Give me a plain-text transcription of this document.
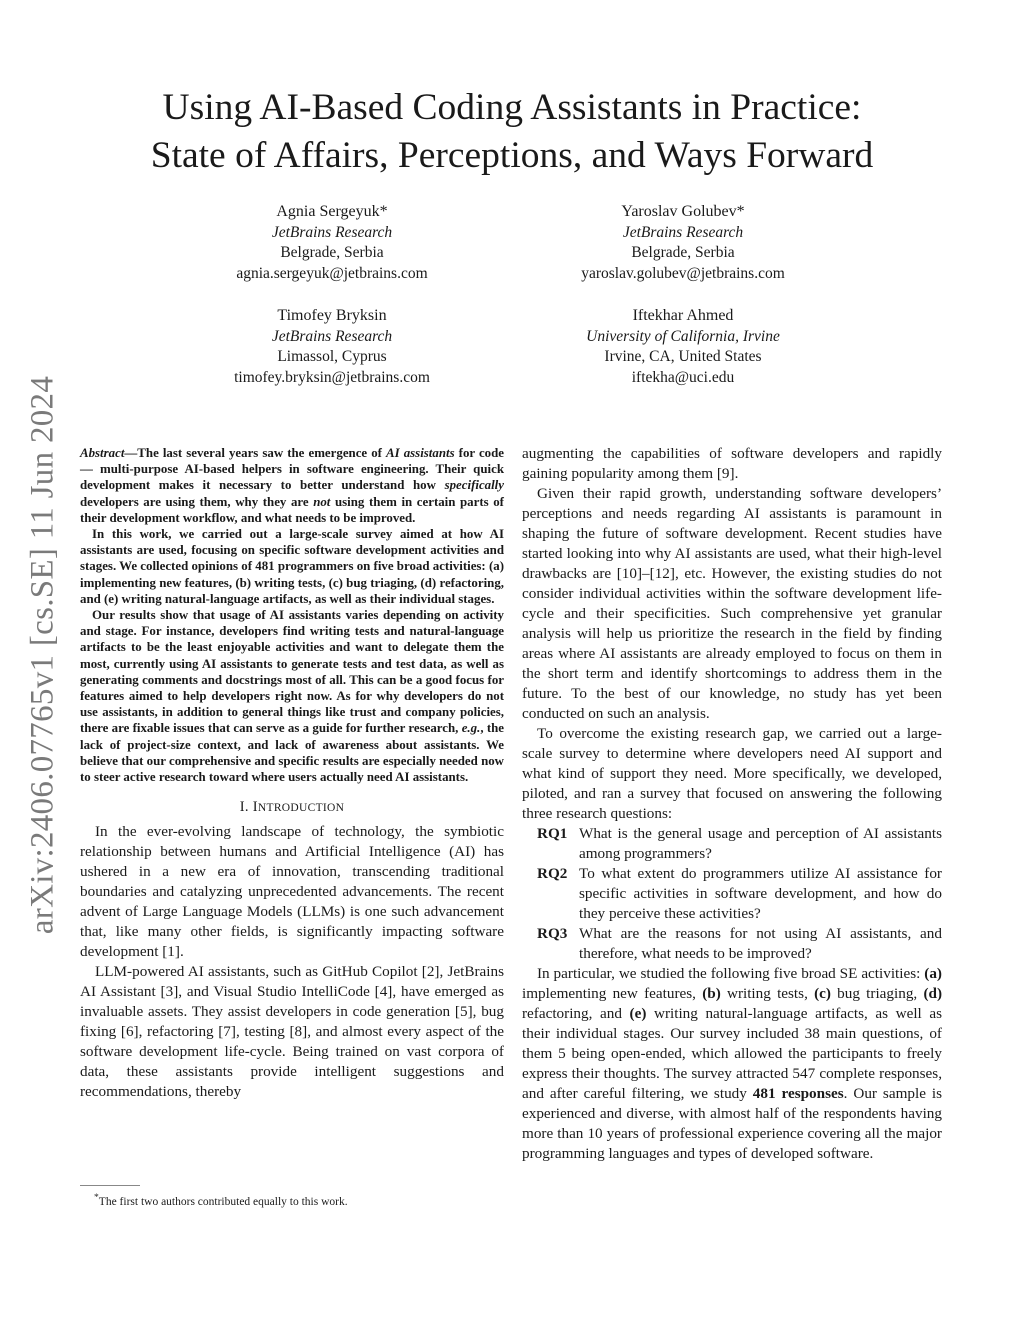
arXiv:2406.07765v1 [cs.SE] 11 Jun 2024
Using AI-Based Coding Assistants in Practice:
State of Affairs, Perceptions, and Ways Forward
Agnia Sergeyuk*
JetBrains Research
Belgrade, Serbia
agnia.sergeyuk@jetbrains.com
Yaroslav Golubev*
JetBrains Research
Belgrade, Serbia
yaroslav.golubev@jetbrains.com
Timofey Bryksin
JetBrains Research
Limassol, Cyprus
timofey.bryksin@jetbrains.com
Iftekhar Ahmed
University of California, Irvine
Irvine, CA, United States
iftekha@uci.edu

Abstract—The last several years saw the emergence of AI assistants for code — multi-purpose AI-based helpers in software engineering. Their quick development makes it necessary to better understand how specifically developers are using them, why they are not using them in certain parts of their development workflow, and what needs to be improved.

In this work, we carried out a large-scale survey aimed at how AI assistants are used, focusing on specific software development activities and stages. We collected opinions of 481 programmers on five broad activities: (a) implementing new features, (b) writing tests, (c) bug triaging, (d) refactoring, and (e) writing natural-language artifacts, as well as their individual stages.

Our results show that usage of AI assistants varies depending on activity and stage. For instance, developers find writing tests and natural-language artifacts to be the least enjoyable activities and want to delegate them the most, currently using AI assistants to generate tests and test data, as well as generating comments and docstrings most of all. This can be a good focus for features aimed to help developers right now. As for why developers do not use assistants, in addition to general things like trust and company policies, there are fixable issues that can serve as a guide for further research, e.g., the lack of project-size context, and lack of awareness about assistants. We believe that our comprehensive and specific results are especially needed now to steer active research toward where users actually need AI assistants.

I. INTRODUCTION

In the ever-evolving landscape of technology, the symbiotic relationship between humans and Artificial Intelligence (AI) has ushered in a new era of innovation, transcending traditional boundaries and catalyzing unprecedented advancements. The recent advent of Large Language Models (LLMs) is one such advancement that, like many other fields, is significantly impacting software development [1].

LLM-powered AI assistants, such as GitHub Copilot [2], JetBrains AI Assistant [3], and Visual Studio IntelliCode [4], have emerged as invaluable assets. They assist developers in code generation [5], bug fixing [6], refactoring [7], testing [8], and almost every aspect of the software development life-cycle. Being trained on vast corpora of data, these assistants provide intelligent suggestions and recommendations, thereby

augmenting the capabilities of software developers and rapidly gaining popularity among them [9].

Given their rapid growth, understanding software developers’ perceptions and needs regarding AI assistants is paramount in shaping the future of software development. Recent studies have started looking into why AI assistants are used, what their high-level drawbacks are [10]–[12], etc. However, the existing studies do not consider individual activities within the software development life-cycle and their specificities. Such comprehensive yet granular analysis will help us prioritize the research in the field by finding areas where AI assistants are already employed to focus on them in the short term and identify shortcomings to address them in the future. To the best of our knowledge, no study has yet been conducted on such an analysis.

To overcome the existing research gap, we carried out a large-scale survey to determine where developers need AI support and what kind of support they need. More specifically, we developed, piloted, and ran a survey that focused on answering the following three research questions:

RQ1 What is the general usage and perception of AI assistants among programmers?
RQ2 To what extent do programmers utilize AI assistance for specific activities in software development, and how do they perceive these activities?
RQ3 What are the reasons for not using AI assistants, and therefore, what needs to be improved?

In particular, we studied the following five broad SE activities: (a) implementing new features, (b) writing tests, (c) bug triaging, (d) refactoring, and (e) writing natural-language artifacts, as well as their individual stages. Our survey included 38 main questions, of them 5 being open-ended, which allowed the participants to freely express their thoughts. The survey attracted 547 complete responses, and after careful filtering, we study 481 responses. Our sample is experienced and diverse, with almost half of the respondents having more than 10 years of professional experience covering all the major programming languages and types of developed software.

*The first two authors contributed equally to this work.
